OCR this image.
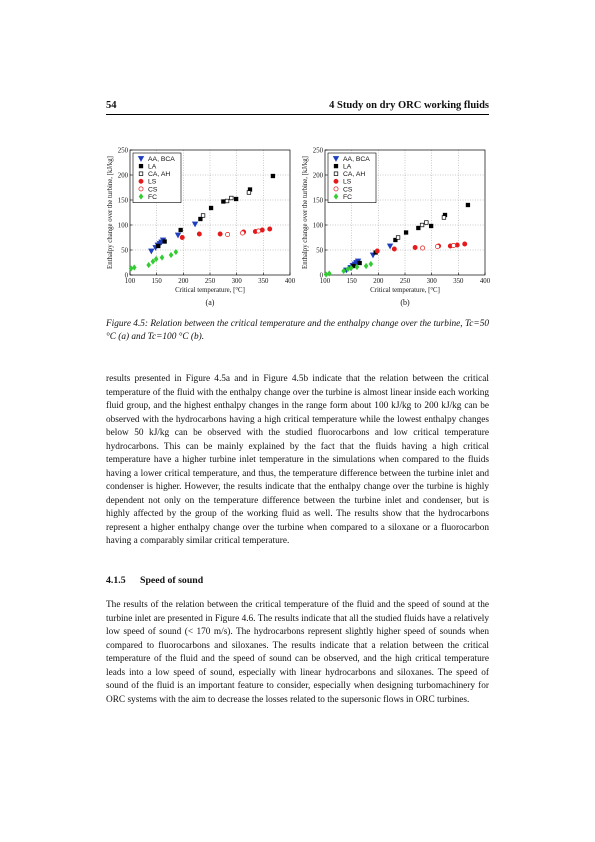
54	4 Study on dry ORC working fluids
100 150 200 250 300 350 400
0
50
100
150
200
250
Critical temperature, [°C]
Enthalpy change over the turbine, [kJ/kg]
(a)
AA, BCA
LA
CA, AH
LS
CS
FC
100 150 200 250 300 350 400
0
50
100
150
200
250
Critical temperature, [°C]
Enthalpy change over the turbine, [kJ/kg]
(b)
AA, BCA
LA
CA, AH
LS
CS
FC
Figure 4.5: Relation between the critical temperature and the enthalpy change over the turbine, Tc=50 °C (a) and Tc=100 °C (b).
results presented in Figure 4.5a and in Figure 4.5b indicate that the relation between the critical temperature of the fluid with the enthalpy change over the turbine is almost linear inside each working fluid group, and the highest enthalpy changes in the range form about 100 kJ/kg to 200 kJ/kg can be observed with the hydrocarbons having a high critical temperature while the lowest enthalpy changes below 50 kJ/kg can be observed with the studied fluorocarbons and low critical temperature hydrocarbons. This can be mainly explained by the fact that the fluids having a high critical temperature have a higher turbine inlet temperature in the simulations when compared to the fluids having a lower critical temperature, and thus, the temperature difference between the turbine inlet and condenser is higher. However, the results indicate that the enthalpy change over the turbine is highly dependent not only on the temperature difference between the turbine inlet and condenser, but is highly affected by the group of the working fluid as well. The results show that the hydrocarbons represent a higher enthalpy change over the turbine when compared to a siloxane or a fluorocarbon having a comparably similar critical temperature.
4.1.5 Speed of sound
The results of the relation between the critical temperature of the fluid and the speed of sound at the turbine inlet are presented in Figure 4.6. The results indicate that all the studied fluids have a relatively low speed of sound (< 170 m/s). The hydrocarbons represent slightly higher speed of sounds when compared to fluorocarbons and siloxanes. The results indicate that a relation between the critical temperature of the fluid and the speed of sound can be observed, and the high critical temperature leads into a low speed of sound, especially with linear hydrocarbons and siloxanes. The speed of sound of the fluid is an important feature to consider, especially when designing turbomachinery for ORC systems with the aim to decrease the losses related to the supersonic flows in ORC turbines.
